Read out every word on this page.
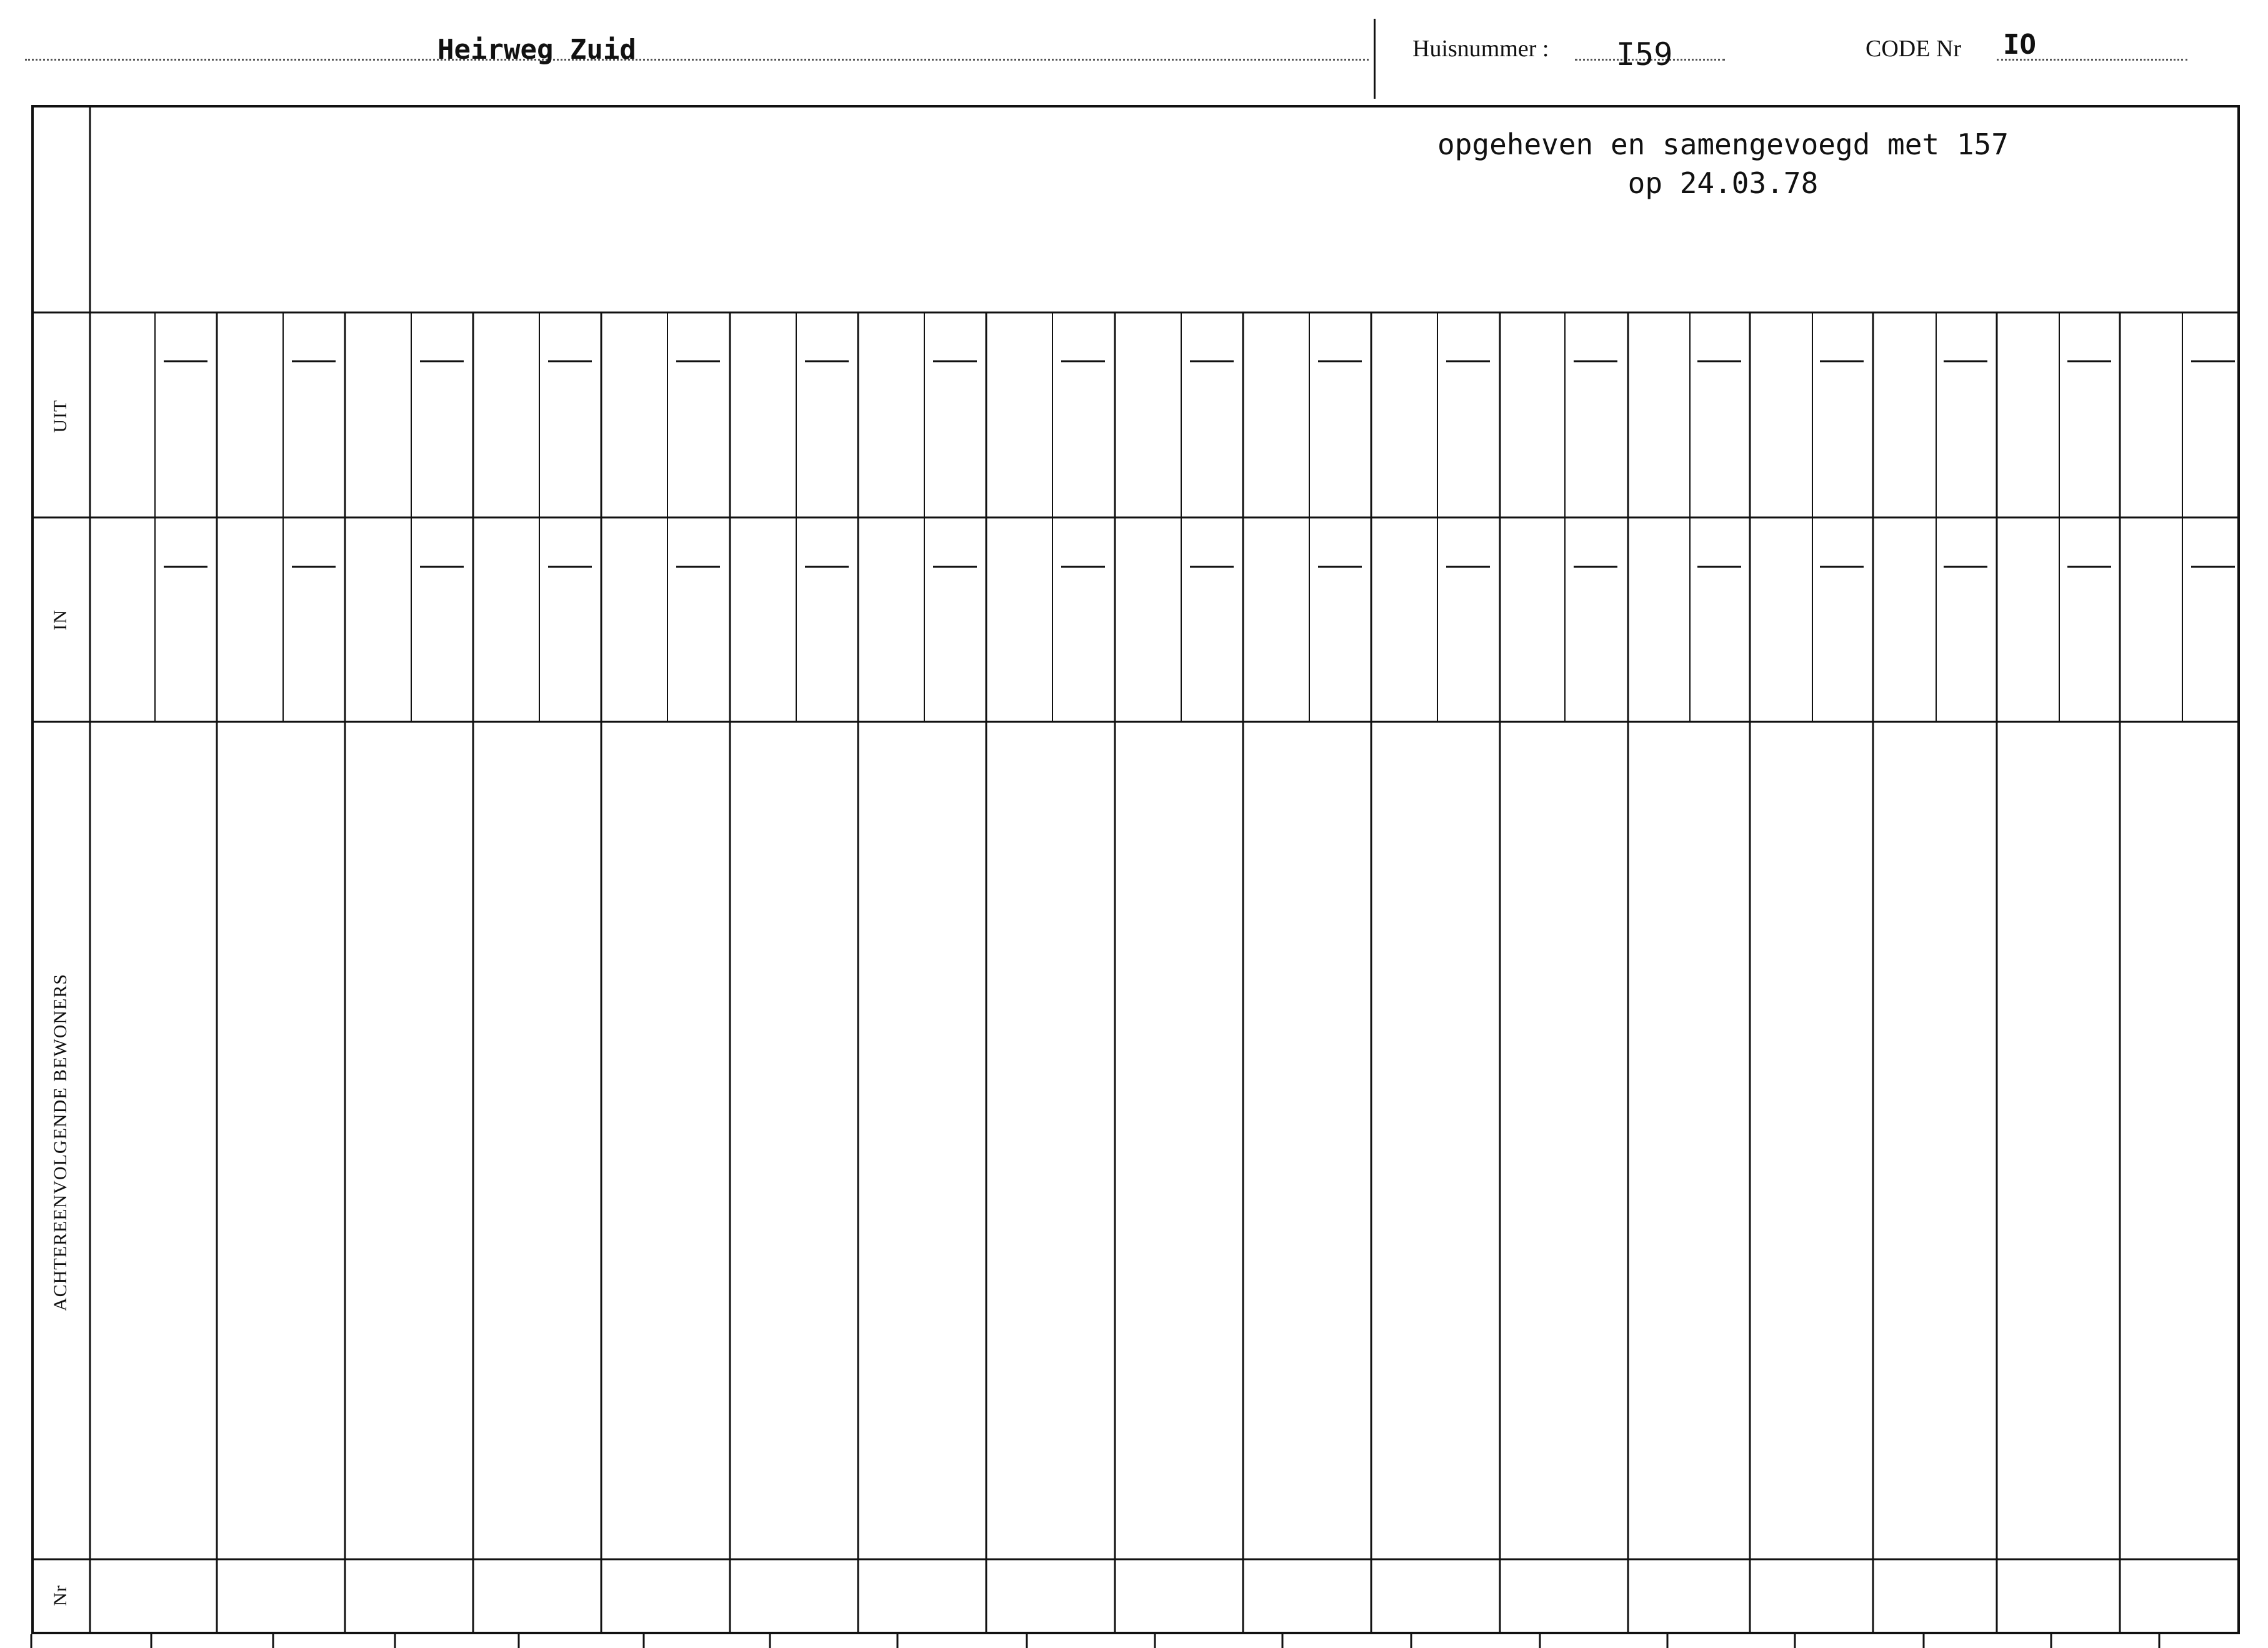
Heirweg Zuid	Huisnummer : I59	CODE Nr IO
opgeheven en samengevoegd met 157
op 24.03.78
UIT
IN
ACHTEREENVOLGENDE BEWONERS
Nr
